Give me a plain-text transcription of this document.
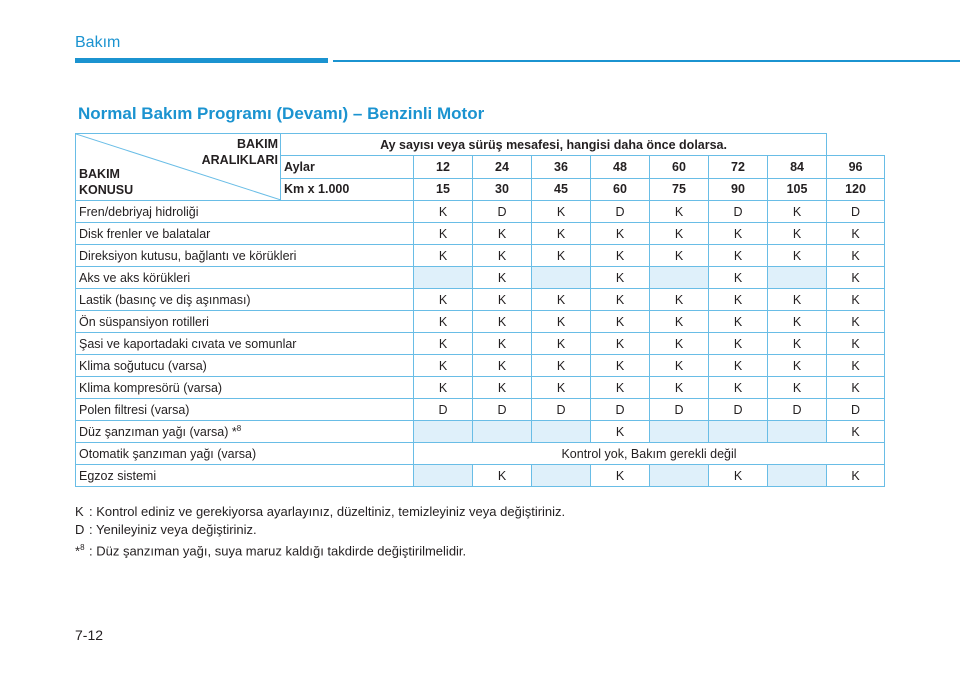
Bakım
Normal Bakım Programı (Devamı) – Benzinli Motor
BAKIM
ARALIKLARI
BAKIM
KONUSU	Ay sayısı veya sürüş mesafesi, hangisi daha önce dolarsa.								
	Aylar	12	24	36	48	60	72	84	96
	Km x 1.000	15	30	45	60	75	90	105	120
Fren/debriyaj hidroliği		K	D	K	D	K	D	K	D
Disk frenler ve balatalar		K	K	K	K	K	K	K	K
Direksiyon kutusu, bağlantı ve körükleri		K	K	K	K	K	K	K	K
Aks ve aks körükleri			K		K		K		K
Lastik (basınç ve diş aşınması)		K	K	K	K	K	K	K	K
Ön süspansiyon rotilleri		K	K	K	K	K	K	K	K
Şasi ve kaportadaki cıvata ve somunlar		K	K	K	K	K	K	K	K
Klima soğutucu (varsa)		K	K	K	K	K	K	K	K
Klima kompresörü (varsa)		K	K	K	K	K	K	K	K
Polen filtresi (varsa)		D	D	D	D	D	D	D	D
Düz şanzıman yağı (varsa) *$^8$					K				K
Otomatik şanzıman yağı (varsa)		Kontrol yok, Bakım gerekli değil							
Egzoz sistemi			K		K		K		K
K : Kontrol ediniz ve gerekiyorsa ayarlayınız, düzeltiniz, temizleyiniz veya değiştiriniz.
D : Yenileyiniz veya değiştiriniz.
*$^8$ : Düz şanzıman yağı, suya maruz kaldığı takdirde değiştirilmelidir.
7-12
